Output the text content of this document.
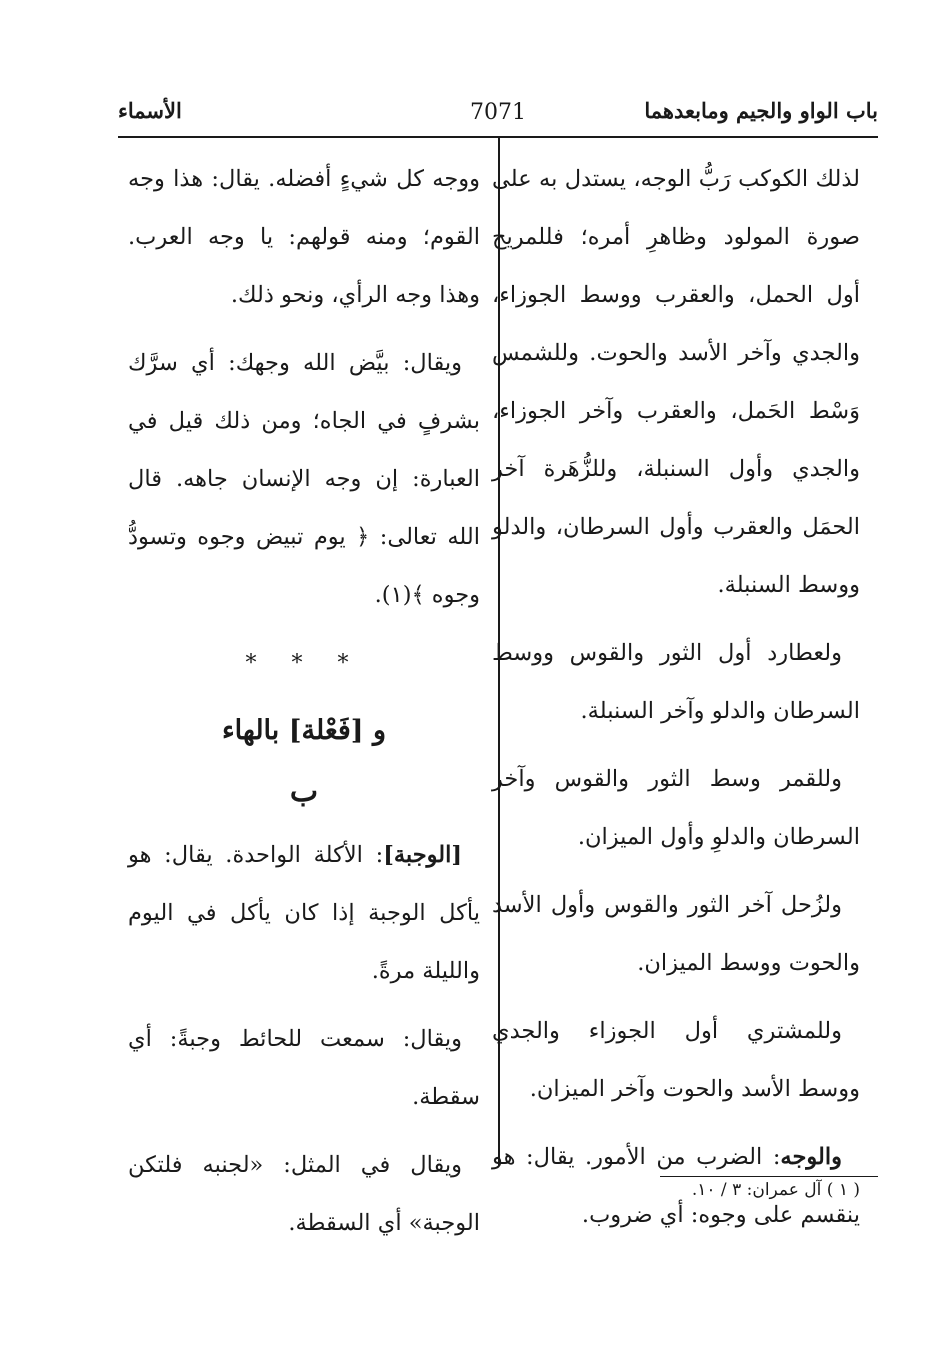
باب الواو والجيم ومابعدهما
7071
الأسماء

لذلك الكوكب رَبُّ الوجه، يستدل به على صورة المولود وظاهرِ أمره؛ فللمريخ أول الحمل، والعقرب ووسط الجوزاء، والجدي وآخر الأسد والحوت. وللشمس وَسْط الحَمل، والعقرب وآخر الجوزاء، والجدي وأول السنبلة، وللزُّهَرة آخر الحمَل والعقرب وأول السرطان، والدلو ووسط السنبلة.

ولعطارد أول الثور والقوس ووسط السرطان والدلو وآخر السنبلة.

وللقمر وسط الثور والقوس وآخر السرطان والدلوِ وأول الميزان.

ولزُحل آخر الثور والقوس وأول الأسد والحوت ووسط الميزان.

وللمشتري أول الجوزاء والجدي ووسط الأسد والحوت وآخر الميزان.

والوجه: الضرب من الأمور. يقال: هو ينقسم على وجوه: أي ضروب.

ووجه كل شيءٍ أفضله. يقال: هذا وجه القوم؛ ومنه قولهم: يا وجه العرب. وهذا وجه الرأي، ونحو ذلك.

ويقال: بيَّض الله وجهك: أي سرَّك بشرفٍ في الجاه؛ ومن ذلك قيل في العبارة: إن وجه الإنسان جاهه. قال الله تعالى: ﴿ يوم تبيض وجوه وتسودُّ وجوه ﴾(١).

* * *
و [فَعْلة] بالهاء
ب

[الوجبة]: الأكلة الواحدة. يقال: هو يأكل الوجبة إذا كان يأكل في اليوم والليلة مرةً.

ويقال: سمعت للحائط وجبةً: أي سقطة.

ويقال في المثل: «لجنبه فلتكن الوجبة» أي السقطة.

( ١ ) آل عمران: ٣ / ١٠.
